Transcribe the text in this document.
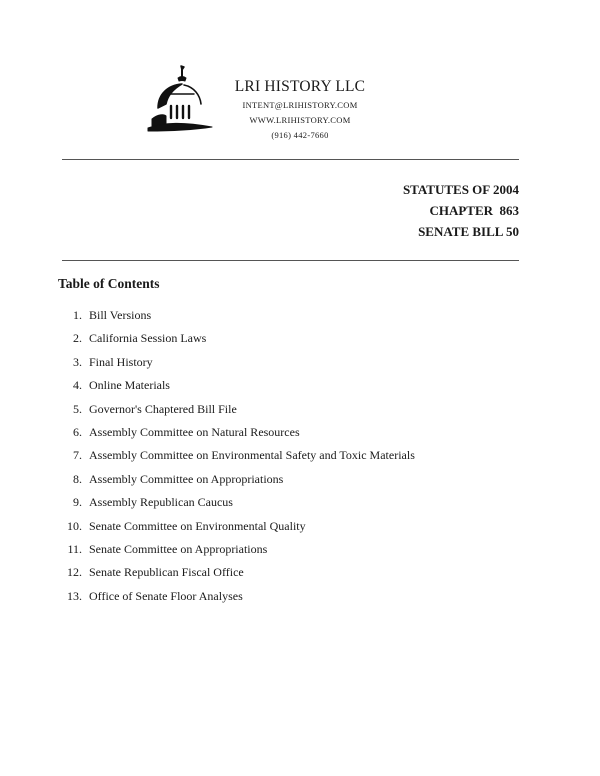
LRI HISTORY LLC
INTENT@LRIHISTORY.COM
WWW.LRIHISTORY.COM
(916) 442-7660
STATUTES OF 2004
CHAPTER  863
SENATE BILL 50
Table of Contents
1. Bill Versions
2. California Session Laws
3. Final History
4. Online Materials
5. Governor's Chaptered Bill File
6. Assembly Committee on Natural Resources
7. Assembly Committee on Environmental Safety and Toxic Materials
8. Assembly Committee on Appropriations
9. Assembly Republican Caucus
10. Senate Committee on Environmental Quality
11. Senate Committee on Appropriations
12. Senate Republican Fiscal Office
13. Office of Senate Floor Analyses
